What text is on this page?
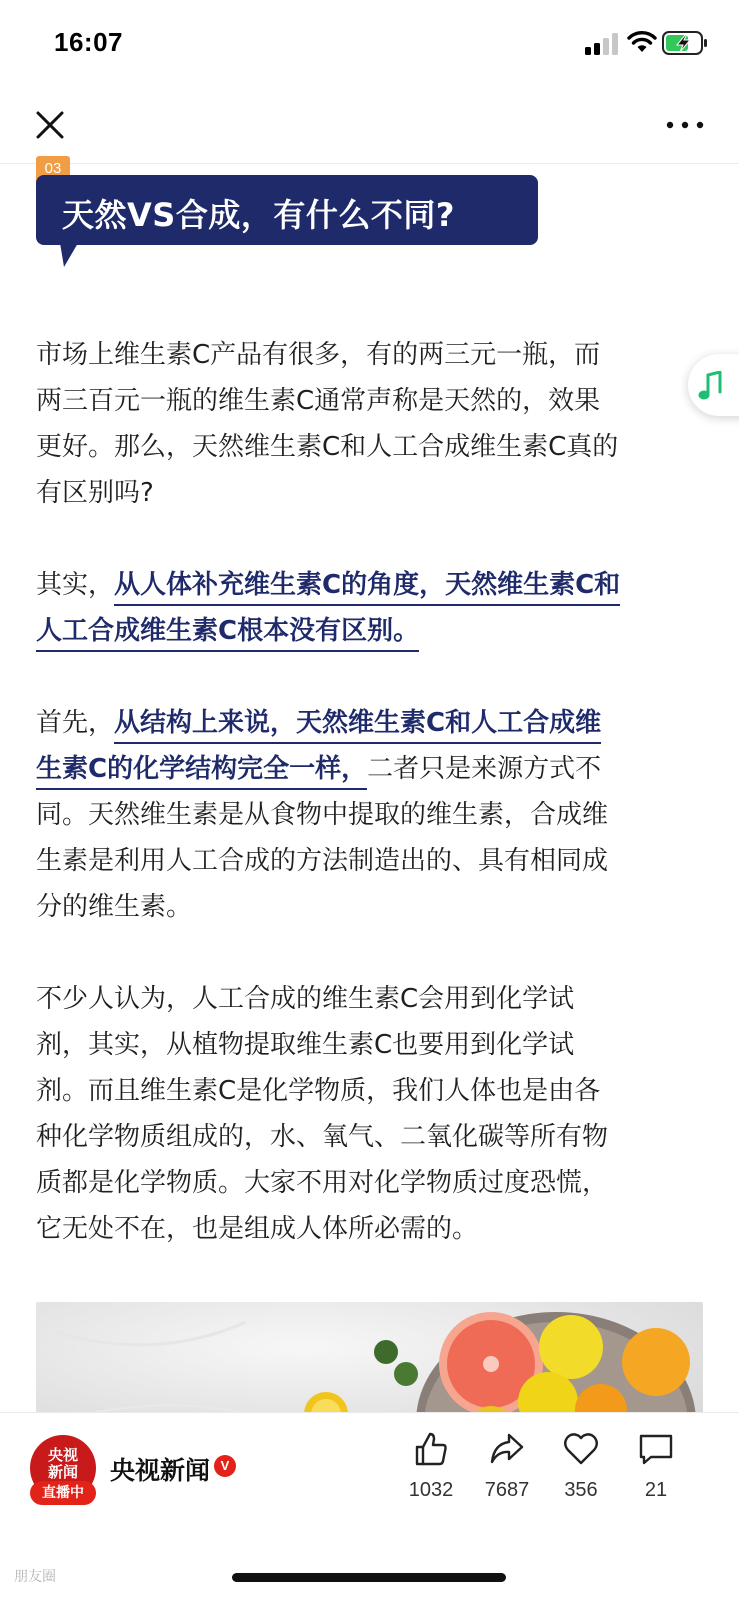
16:07
03
天然VS合成，有什么不同?

市场上维生素C产品有很多，有的两三元一瓶，而

两三百元一瓶的维生素C通常声称是天然的，效果

更好。那么，天然维生素C和人工合成维生素C真的

有区别吗?

其实，从人体补充维生素C的角度，天然维生素C和

人工合成维生素C根本没有区别。

首先，从结构上来说，天然维生素C和人工合成维

生素C的化学结构完全一样，二者只是来源方式不

同。天然维生素是从食物中提取的维生素，合成维

生素是利用人工合成的方法制造出的、具有相同成

分的维生素。

不少人认为，人工合成的维生素C会用到化学试

剂，其实，从植物提取维生素C也要用到化学试

剂。而且维生素C是化学物质，我们人体也是由各

种化学物质组成的，水、氧气、二氧化碳等所有物

质都是化学物质。大家不用对化学物质过度恐慌，

它无处不在，也是组成人体所必需的。

央视
新闻
直播中
央视新闻 V
1032	7687	356	21
朋友圈
